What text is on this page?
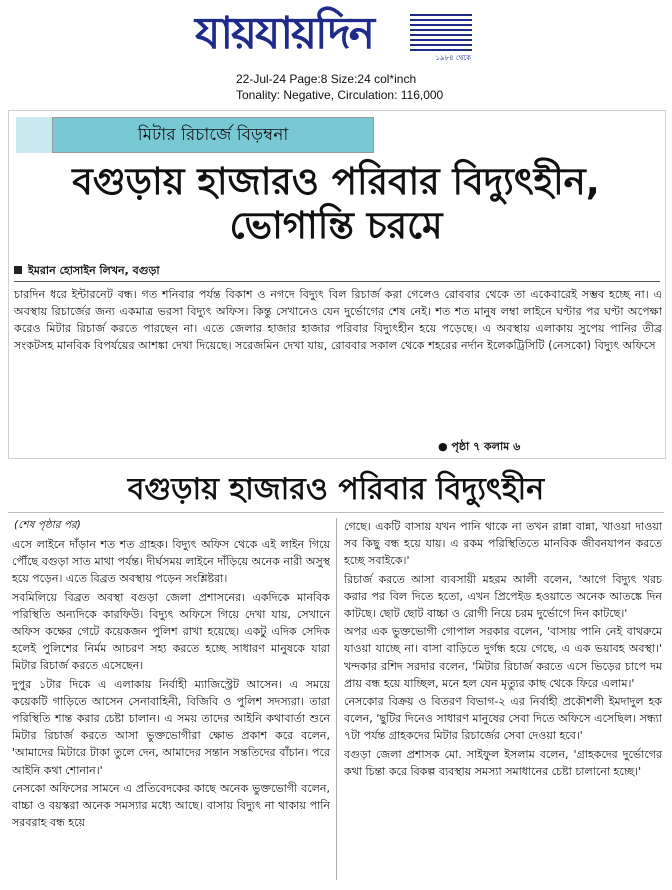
যায়যায়দিন	১৯৮৪ থেকে
22-Jul-24 Page:8 Size:24 col*inch
Tonality: Negative, Circulation: 116,000
মিটার রিচার্জে বিড়ম্বনা
বগুড়ায় হাজারও পরিবার বিদ্যুৎহীন, ভোগান্তি চরমে
ইমরান হোসাইন লিখন, বগুড়া
চারদিন ধরে ইন্টারনেট বন্ধ। গত শনিবার পর্যন্ত বিকাশ ও নগদে বিদ্যুৎ বিল রিচার্জ করা গেলেও রোববার থেকে তা একেবারেই সম্ভব হচ্ছে না। এ অবস্থায় রিচার্জের জন্য একমাত্র ভরসা বিদ্যুৎ অফিস। কিন্তু সেখানেও যেন দুর্ভোগের শেষ নেই। শত শত মানুষ লম্বা লাইনে ঘণ্টার পর ঘণ্টা অপেক্ষা করেও মিটার রিচার্জ করতে পারছেন না। এতে জেলার হাজার হাজার পরিবার বিদ্যুৎহীন হয়ে পড়েছে। এ অবস্থায় এলাকায় সুপেয় পানির তীব্র সংকটসহ মানবিক বিপর্যয়ের আশঙ্কা দেখা দিয়েছে। সরেজমিন দেখা যায়, রোববার সকাল থেকে শহরের নর্দান ইলেকট্রিসিটি (নেসকো) বিদ্যুৎ অফিসে
● পৃষ্ঠা ৭ কলাম ৬
বগুড়ায় হাজারও পরিবার বিদ্যুৎহীন
(শেষ পৃষ্ঠার পর)

এসে লাইনে দাঁড়ান শত শত গ্রাহক। বিদ্যুৎ অফিস থেকে এই লাইন গিয়ে পৌঁছে বগুড়া সাত মাথা পর্যন্ত। দীর্ঘসময় লাইনে দাঁড়িয়ে অনেক নারী অসুস্থ হয়ে পড়েন। এতে বিব্রত অবস্থায় পড়েন সংশ্লিষ্টরা।

সবমিলিয়ে বিব্রত অবস্থা বগুড়া জেলা প্রশাসনের। একদিকে মানবিক পরিস্থিতি অন্যদিকে কারফিউ। বিদ্যুৎ অফিসে গিয়ে দেখা যায়, সেখানে অফিস কক্ষের গেটে কয়েকজন পুলিশ রাখা হয়েছে। একটু এদিক সেদিক হলেই পুলিশের নির্মম আচরণ সহ্য করতে হচ্ছে সাধারণ মানুষকে যারা মিটার রিচার্জ করতে এসেছেন।

দুপুর ১টার দিকে এ এলাকায় নির্বাহী ম্যাজিস্ট্রেট আসেন। এ সময়ে কয়েকটি গাড়িতে আসেন সেনাবাহিনী, বিজিবি ও পুলিশ সদস্যরা। তারা পরিস্থিতি শান্ত করার চেষ্টা চালান। এ সময় তাদের আইনি কথাবার্তা শুনে মিটার রিচার্জ করতে আসা ভুক্তভোগীরা ক্ষোভ প্রকাশ করে বলেন, 'আমাদের মিটারে টাকা তুলে দেন, আমাদের সন্তান সন্ততিদের বাঁচান। পরে আইনি কথা শোনান।'

নেসকো অফিসের সামনে এ প্রতিবেদকের কাছে অনেক ভুক্তভোগী বলেন, বাচ্চা ও বয়স্করা অনেক সমস্যার মধ্যে আছে। বাসায় বিদ্যুৎ না থাকায় পানি সরবরাহ বন্ধ হয়ে

গেছে। একটি বাসায় যখন পানি থাকে না তখন রান্না বান্না, খাওয়া দাওয়া সব কিছু বন্ধ হয়ে যায়। এ রকম পরিস্থিতিতে মানবিক জীবনযাপন করতে হচ্ছে সবাইকে।'

রিচার্জ করতে আসা ব্যবসায়ী মহরম আলী বলেন, 'আগে বিদ্যুৎ খরচ করার পর বিল দিতে হতো, এখন প্রিপেইড হওয়াতে অনেক আতঙ্কে দিন কাটছে। ছোট ছোট বাচ্চা ও রোগী নিয়ে চরম দুর্ভোগে দিন কাটছে।'

অপর এক ভুক্তভোগী গোপাল সরকার বলেন, 'বাসায় পানি নেই বাথরুমে যাওয়া যাচ্ছে না। বাসা বাড়িতে দুর্গন্ধ হয়ে গেছে, এ এক ভয়াবহ অবস্থা।' খন্দকার রশিদ সরদার বলেন, 'মিটার রিচার্জ করতে এসে ভিড়ের চাপে দম প্রায় বন্ধ হয়ে যাচ্ছিল, মনে হল যেন মৃত্যুর কাছ থেকে ফিরে এলাম।'

নেসকোর বিক্রয় ও বিতরণ বিভাগ-২ এর নির্বাহী প্রকৌশলী ইমদাদুল হক বলেন, 'ছুটির দিনেও সাধারণ মানুষের সেবা দিতে অফিসে এসেছিল। সন্ধ্যা ৭টা পর্যন্ত গ্রাহকদের মিটার রিচার্জের সেবা দেওয়া হবে।'

বগুড়া জেলা প্রশাসক মো. সাইফুল ইসলাম বলেন, 'গ্রাহকদের দুর্ভোগের কথা চিন্তা করে বিকল্প ব্যবস্থায় সমস্যা সমাধানের চেষ্টা চালানো হচ্ছে।'
